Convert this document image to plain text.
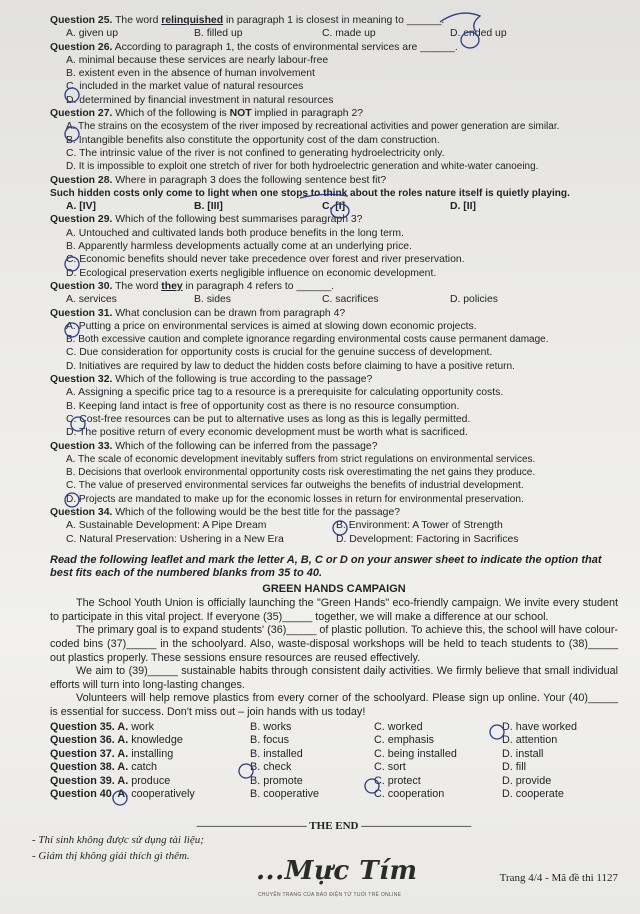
Question 25. The word relinquished in paragraph 1 is closest in meaning to ______.
A. given up	B. filled up	C. made up	D. ended up
Question 26. According to paragraph 1, the costs of environmental services are ______.
A. minimal because these services are nearly labour-free
B. existent even in the absence of human involvement
C. included in the market value of natural resources
D. determined by financial investment in natural resources
Question 27. Which of the following is NOT implied in paragraph 2?
A. The strains on the ecosystem of the river imposed by recreational activities and power generation are similar.
B. Intangible benefits also constitute the opportunity cost of the dam construction.
C. The intrinsic value of the river is not confined to generating hydroelectricity only.
D. It is impossible to exploit one stretch of river for both hydroelectric generation and white-water canoeing.
Question 28. Where in paragraph 3 does the following sentence best fit?
Such hidden costs only come to light when one stops to think about the roles nature itself is quietly playing.
A. [IV]	B. [III]	C. [I]	D. [II]
Question 29. Which of the following best summarises paragraph 3?
A. Untouched and cultivated lands both produce benefits in the long term.
B. Apparently harmless developments actually come at an underlying price.
C. Economic benefits should never take precedence over forest and river preservation.
D. Ecological preservation exerts negligible influence on economic development.
Question 30. The word they in paragraph 4 refers to ______.
A. services	B. sides	C. sacrifices	D. policies
Question 31. What conclusion can be drawn from paragraph 4?
A. Putting a price on environmental services is aimed at slowing down economic projects.
B. Both excessive caution and complete ignorance regarding environmental costs cause permanent damage.
C. Due consideration for opportunity costs is crucial for the genuine success of development.
D. Initiatives are required by law to deduct the hidden costs before claiming to have a positive return.
Question 32. Which of the following is true according to the passage?
A. Assigning a specific price tag to a resource is a prerequisite for calculating opportunity costs.
B. Keeping land intact is free of opportunity cost as there is no resource consumption.
C. Cost-free resources can be put to alternative uses as long as this is legally permitted.
D. The positive return of every economic development must be worth what is sacrificed.
Question 33. Which of the following can be inferred from the passage?
A. The scale of economic development inevitably suffers from strict regulations on environmental services.
B. Decisions that overlook environmental opportunity costs risk overestimating the net gains they produce.
C. The value of preserved environmental services far outweighs the benefits of industrial development.
D. Projects are mandated to make up for the economic losses in return for environmental preservation.
Question 34. Which of the following would be the best title for the passage?
A. Sustainable Development: A Pipe Dream	B. Environment: A Tower of Strength
C. Natural Preservation: Ushering in a New Era	D. Development: Factoring in Sacrifices
Read the following leaflet and mark the letter A, B, C or D on your answer sheet to indicate the option that best fits each of the numbered blanks from 35 to 40.
GREEN HANDS CAMPAIGN
The School Youth Union is officially launching the "Green Hands" eco-friendly campaign. We invite every student to participate in this vital project. If everyone (35)_____ together, we will make a difference at our school.
The primary goal is to expand students' (36)_____ of plastic pollution. To achieve this, the school will have colour-coded bins (37)_____ in the schoolyard. Also, waste-disposal workshops will be held to teach students to (38)_____ out plastics properly. These sessions ensure resources are reused effectively.
We aim to (39)_____ sustainable habits through consistent daily activities. We firmly believe that small individual efforts will turn into long-lasting changes.
Volunteers will help remove plastics from every corner of the schoolyard. Please sign up online. Your (40)_____ is essential for success. Don't miss out – join hands with us today!
Question 35. A. work	B. works	C. worked	D. have worked
Question 36. A. knowledge	B. focus	C. emphasis	D. attention
Question 37. A. installing	B. installed	C. being installed	D. install
Question 38. A. catch	B. check	C. sort	D. fill
Question 39. A. produce	B. promote	C. protect	D. provide
Question 40. A. cooperatively	B. cooperative	C. cooperation	D. cooperate
—————————— THE END ——————————
- Thí sinh không được sử dụng tài liệu;
- Giám thị không giải thích gì thêm.	...Mực Tím
CHUYÊN TRANG CỦA BÁO ĐIỆN TỬ TUỔI TRẺ ONLINE
Trang 4/4 - Mã đề thi 1127
